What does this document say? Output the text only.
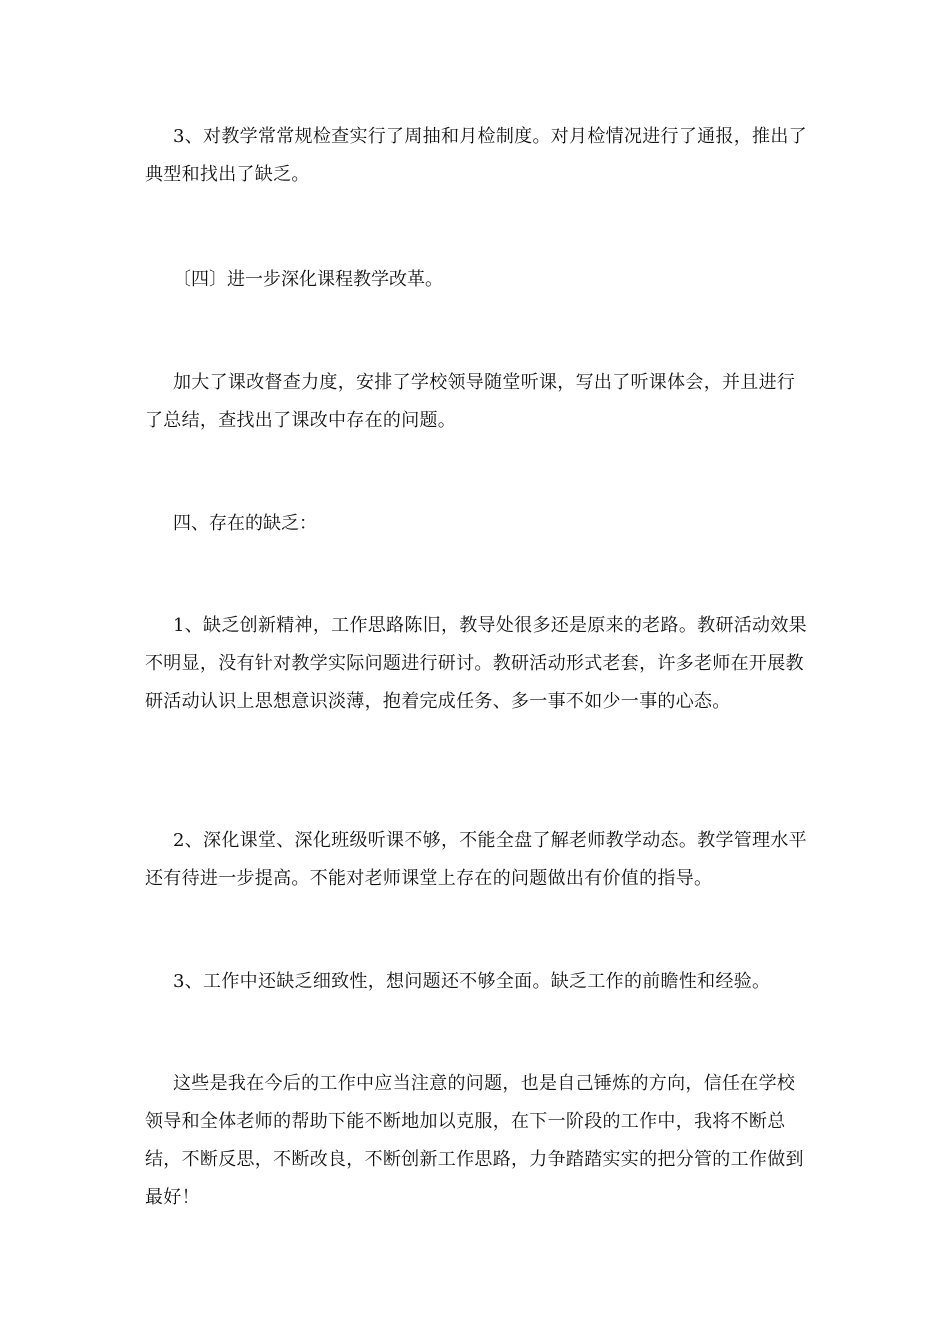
3、对教学常常规检查实行了周抽和月检制度。对月检情况进行了通报，推出了典型和找出了缺乏。

〔四〕进一步深化课程教学改革。

加大了课改督查力度，安排了学校领导随堂听课，写出了听课体会，并且进行了总结，查找出了课改中存在的问题。

四、存在的缺乏：

1、缺乏创新精神，工作思路陈旧，教导处很多还是原来的老路。教研活动效果不明显，没有针对教学实际问题进行研讨。教研活动形式老套，许多老师在开展教研活动认识上思想意识淡薄，抱着完成任务、多一事不如少一事的心态。

2、深化课堂、深化班级听课不够，不能全盘了解老师教学动态。教学管理水平还有待进一步提高。不能对老师课堂上存在的问题做出有价值的指导。

3、工作中还缺乏细致性，想问题还不够全面。缺乏工作的前瞻性和经验。

这些是我在今后的工作中应当注意的问题，也是自己锤炼的方向，信任在学校领导和全体老师的帮助下能不断地加以克服，在下一阶段的工作中，我将不断总结，不断反思，不断改良，不断创新工作思路，力争踏踏实实的把分管的工作做到最好！
